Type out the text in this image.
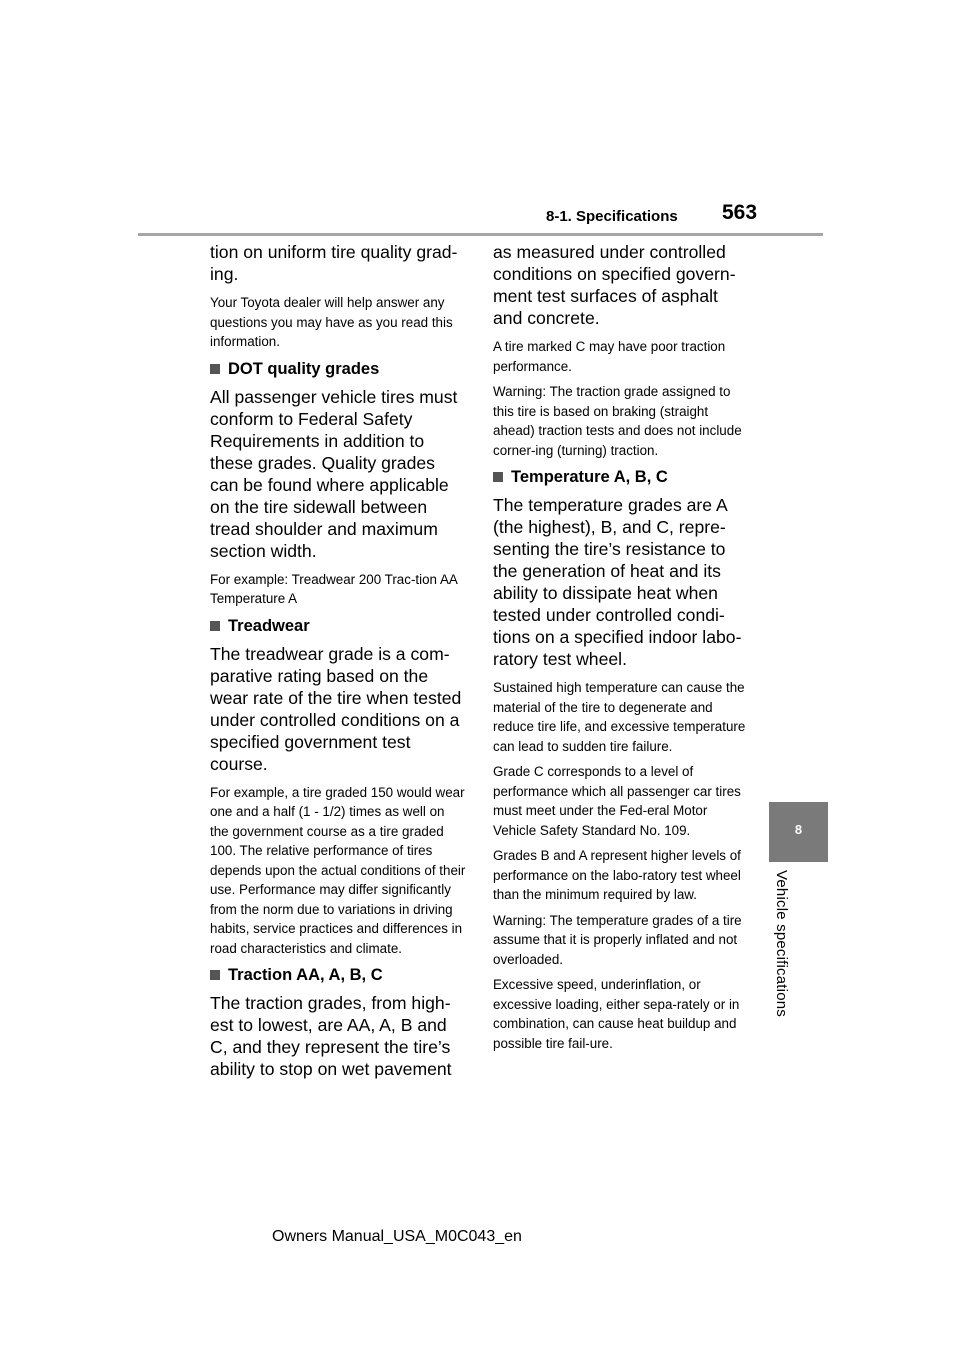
8-1. Specifications 563
8
Vehicle specifications

tion on uniform tire quality grad-ing.

Your Toyota dealer will help answer any questions you may have as you read this information.

DOT quality grades

All passenger vehicle tires must conform to Federal Safety Requirements in addition to these grades. Quality grades can be found where applicable on the tire sidewall between tread shoulder and maximum section width.

For example: Treadwear 200 Trac-tion AA Temperature A

Treadwear

The treadwear grade is a com-parative rating based on the wear rate of the tire when tested under controlled conditions on a specified government test course.

For example, a tire graded 150 would wear one and a half (1 - 1/2) times as well on the government course as a tire graded 100. The relative performance of tires depends upon the actual conditions of their use. Performance may differ significantly from the norm due to variations in driving habits, service practices and differences in road characteristics and climate.

Traction AA, A, B, C

The traction grades, from high-est to lowest, are AA, A, B and C, and they represent the tire’s ability to stop on wet pavement

as measured under controlled conditions on specified govern-ment test surfaces of asphalt and concrete.

A tire marked C may have poor traction performance.

Warning: The traction grade assigned to this tire is based on braking (straight ahead) traction tests and does not include corner-ing (turning) traction.

Temperature A, B, C

The temperature grades are A (the highest), B, and C, repre-senting the tire’s resistance to the generation of heat and its ability to dissipate heat when tested under controlled condi-tions on a specified indoor labo-ratory test wheel.

Sustained high temperature can cause the material of the tire to degenerate and reduce tire life, and excessive temperature can lead to sudden tire failure.

Grade C corresponds to a level of performance which all passenger car tires must meet under the Fed-eral Motor Vehicle Safety Standard No. 109.

Grades B and A represent higher levels of performance on the labo-ratory test wheel than the minimum required by law.

Warning: The temperature grades of a tire assume that it is properly inflated and not overloaded.

Excessive speed, underinflation, or excessive loading, either sepa-rately or in combination, can cause heat buildup and possible tire fail-ure.

Owners Manual_USA_M0C043_en
